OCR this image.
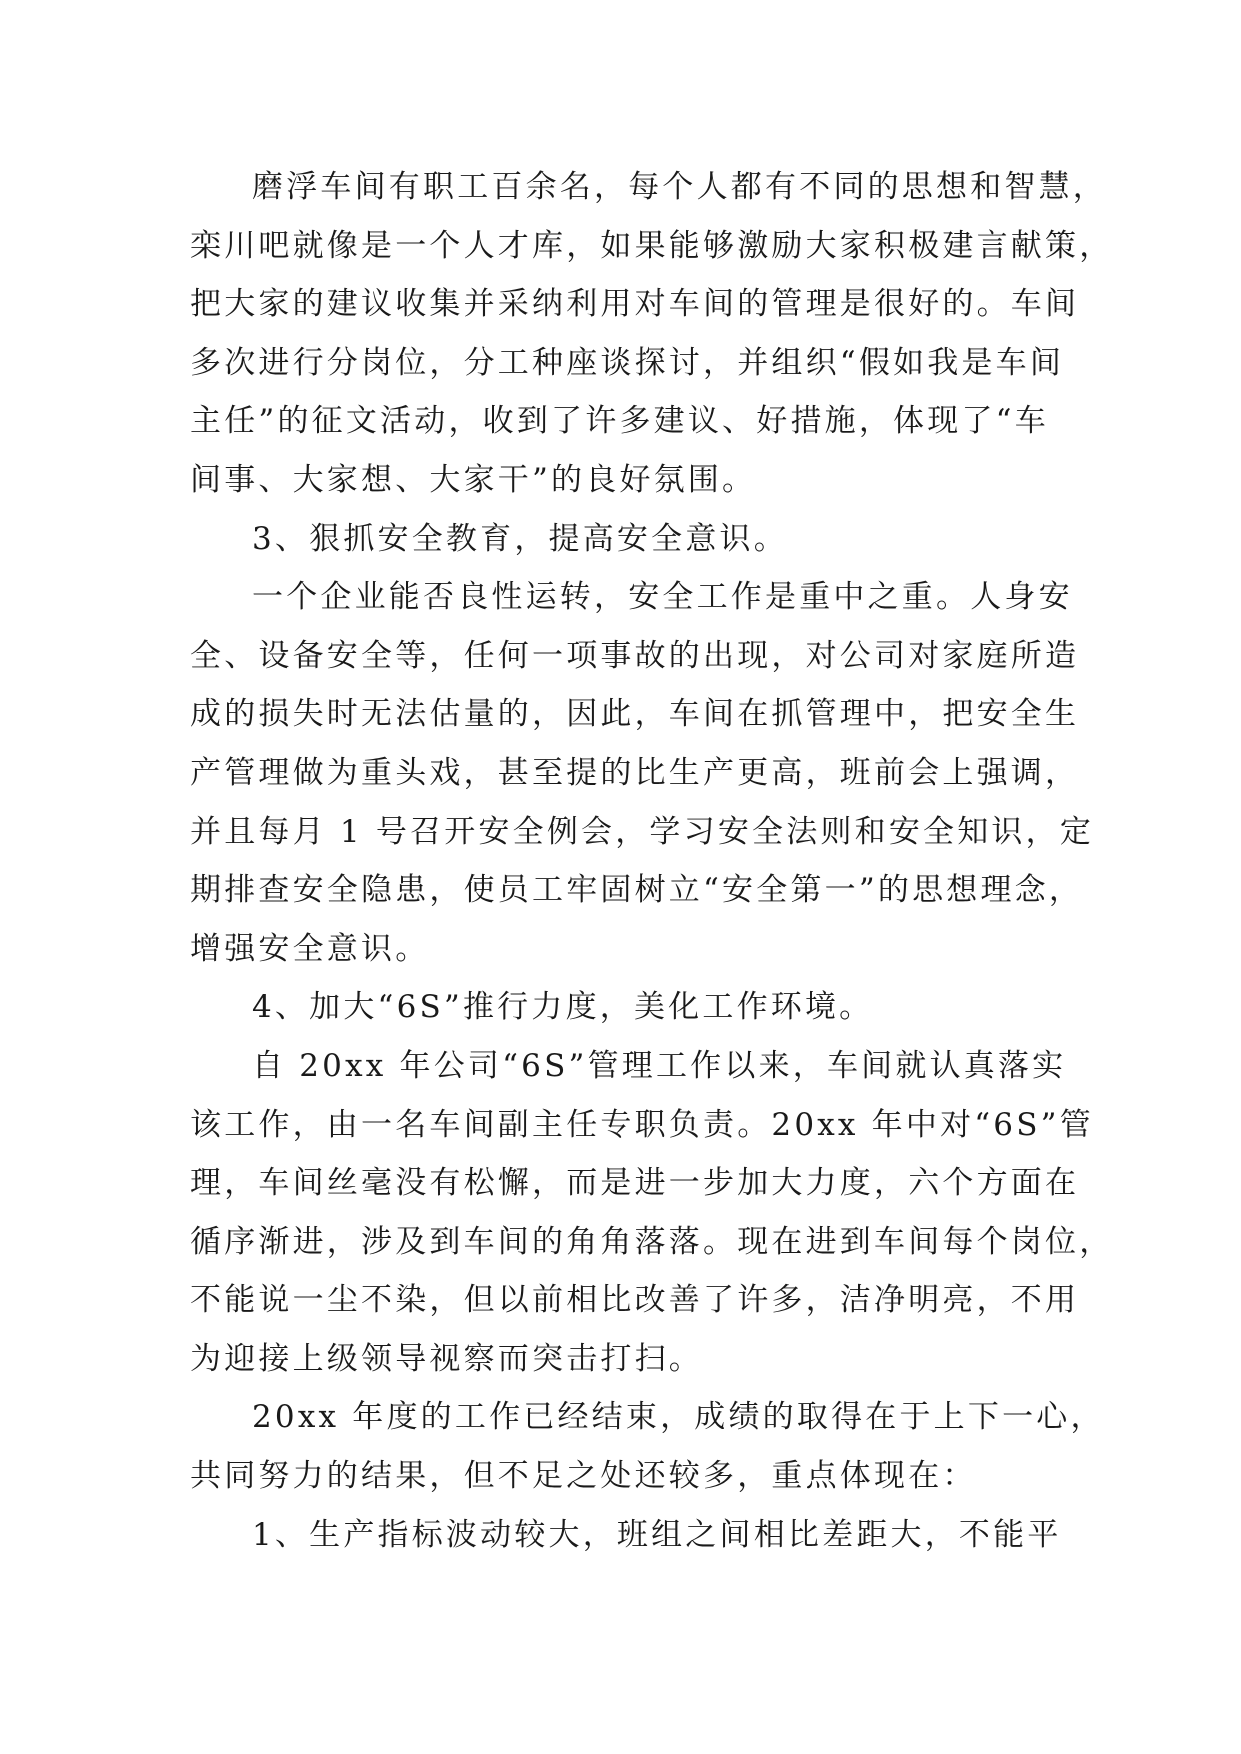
磨浮车间有职工百余名，每个人都有不同的思想和智慧，
栾川吧就像是一个人才库，如果能够激励大家积极建言献策，
把大家的建议收集并采纳利用对车间的管理是很好的。车间
多次进行分岗位，分工种座谈探讨，并组织“假如我是车间
主任”的征文活动，收到了许多建议、好措施，体现了“车
间事、大家想、大家干”的良好氛围。
3、狠抓安全教育，提高安全意识。
一个企业能否良性运转，安全工作是重中之重。人身安
全、设备安全等，任何一项事故的出现，对公司对家庭所造
成的损失时无法估量的，因此，车间在抓管理中，把安全生
产管理做为重头戏，甚至提的比生产更高，班前会上强调，
并且每月 1 号召开安全例会，学习安全法则和安全知识，定
期排查安全隐患，使员工牢固树立“安全第一”的思想理念，
增强安全意识。
4、加大“6S”推行力度，美化工作环境。
自 20xx 年公司“6S”管理工作以来，车间就认真落实
该工作，由一名车间副主任专职负责。20xx 年中对“6S”管
理，车间丝毫没有松懈，而是进一步加大力度，六个方面在
循序渐进，涉及到车间的角角落落。现在进到车间每个岗位，
不能说一尘不染，但以前相比改善了许多，洁净明亮，不用
为迎接上级领导视察而突击打扫。
20xx 年度的工作已经结束，成绩的取得在于上下一心，
共同努力的结果，但不足之处还较多，重点体现在：
1、生产指标波动较大，班组之间相比差距大，不能平
